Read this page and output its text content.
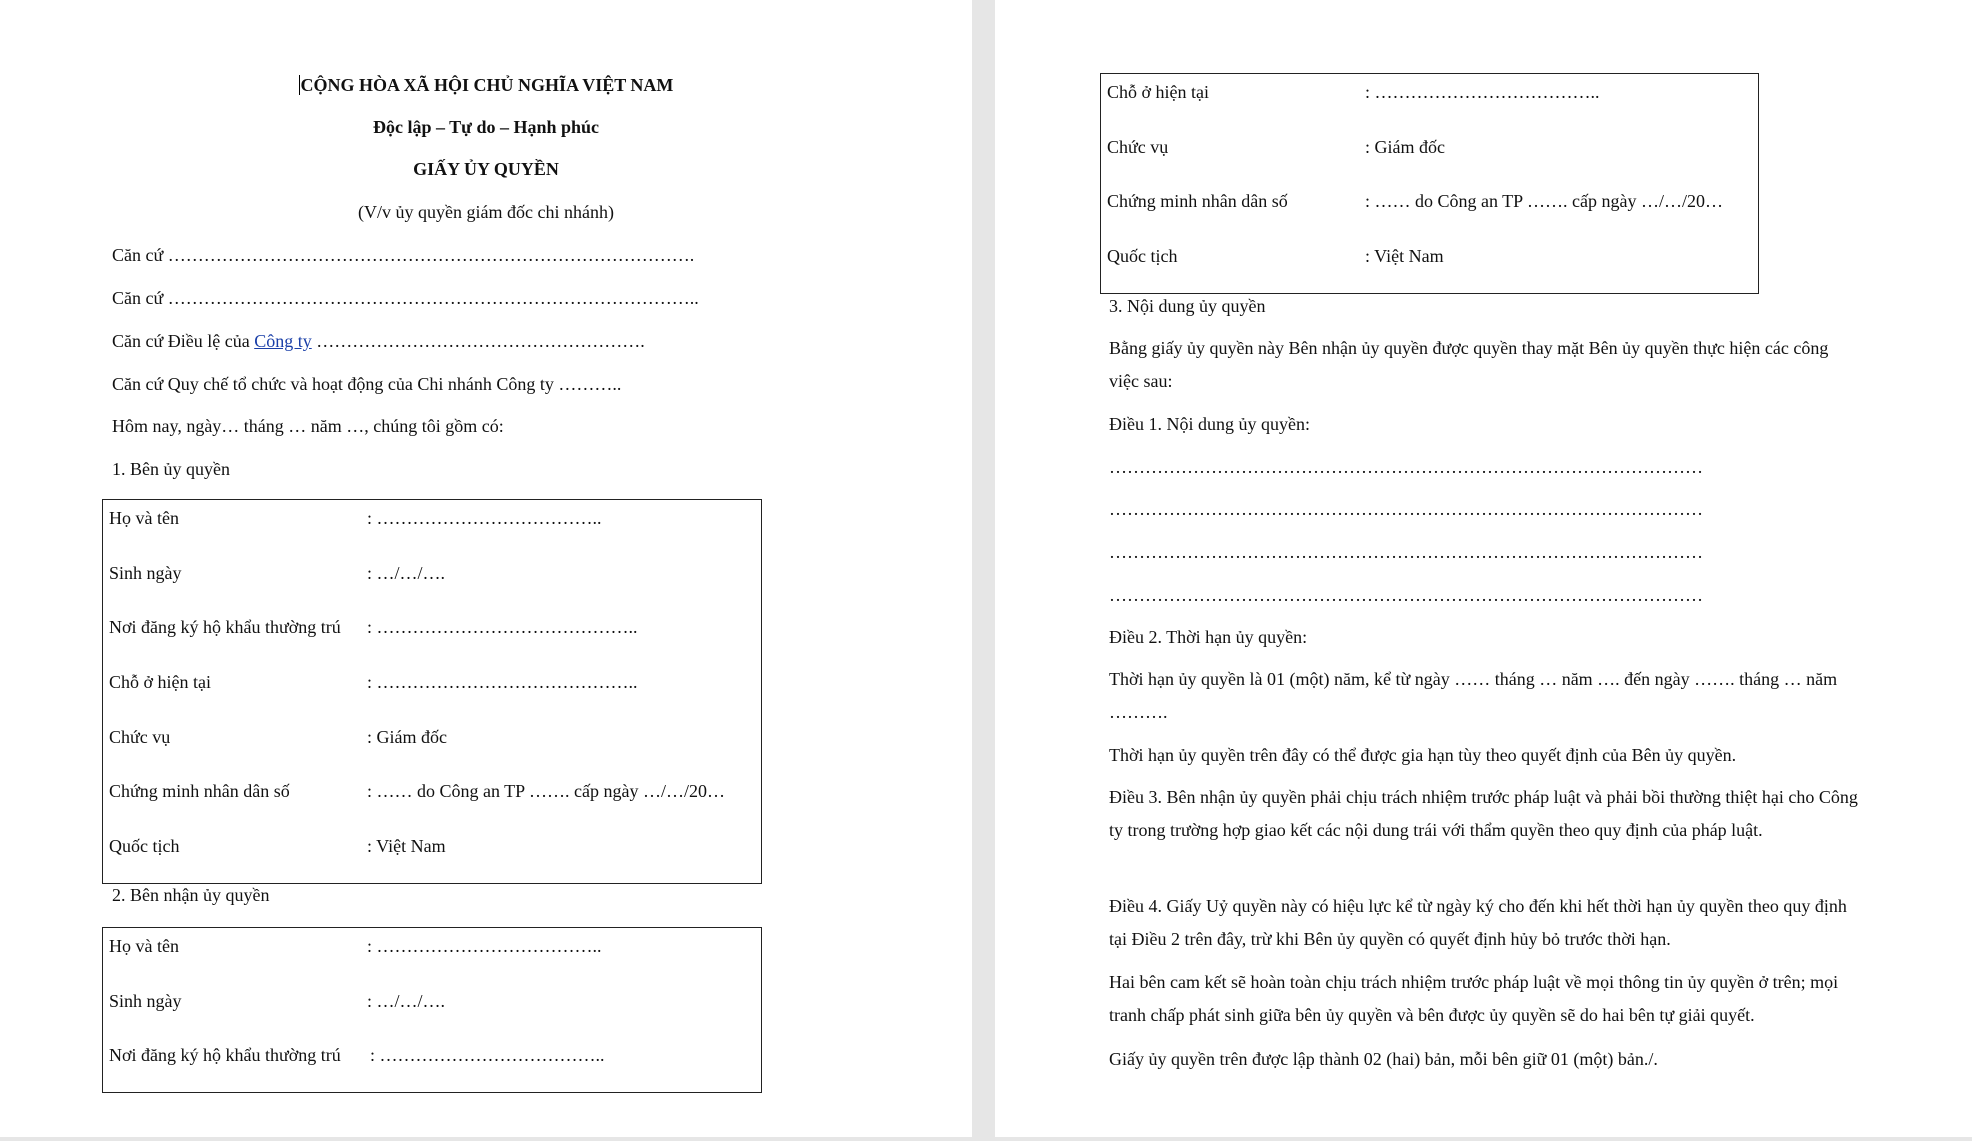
CỘNG HÒA XÃ HỘI CHỦ NGHĨA VIỆT NAM
Độc lập – Tự do – Hạnh phúc
GIẤY ỦY QUYỀN
(V/v ủy quyền giám đốc chi nhánh)
Căn cứ …………………………………………………………………………….
Căn cứ ……………………………………………………………………………..
Căn cứ Điều lệ của Công ty ……………………………………………….
Căn cứ Quy chế tổ chức và hoạt động của Chi nhánh Công ty ………..
Hôm nay, ngày… tháng … năm …, chúng tôi gồm có:
1. Bên ủy quyền
Họ và tên	: ………………………………..
Sinh ngày	: …/…/….
Nơi đăng ký hộ khẩu thường trú : ……………………………………..
Chỗ ở hiện tại	: ……………………………………..
Chức vụ	: Giám đốc
Chứng minh nhân dân số	: …… do Công an TP ……. cấp ngày …/…/20…
Quốc tịch	: Việt Nam
2. Bên nhận ủy quyền
Họ và tên	: ………………………………..
Sinh ngày	: …/…/….
Nơi đăng ký hộ khẩu thường trú : ………………………………..
Chỗ ở hiện tại	: ………………………………..
Chức vụ	: Giám đốc
Chứng minh nhân dân số	: …… do Công an TP ……. cấp ngày …/…/20…
Quốc tịch	: Việt Nam
3. Nội dung ủy quyền
Bằng giấy ủy quyền này Bên nhận ủy quyền được quyền thay mặt Bên ủy quyền thực hiện các công việc sau:
Điều 1. Nội dung ủy quyền:
………………………………………………………………………………………
………………………………………………………………………………………
………………………………………………………………………………………
………………………………………………………………………………………
Điều 2. Thời hạn ủy quyền:
Thời hạn ủy quyền là 01 (một) năm, kể từ ngày …… tháng … năm …. đến ngày ……. tháng … năm ……….
Thời hạn ủy quyền trên đây có thể được gia hạn tùy theo quyết định của Bên ủy quyền.
Điều 3. Bên nhận ủy quyền phải chịu trách nhiệm trước pháp luật và phải bồi thường thiệt hại cho Công ty trong trường hợp giao kết các nội dung trái với thẩm quyền theo quy định của pháp luật.
Điều 4. Giấy Uỷ quyền này có hiệu lực kể từ ngày ký cho đến khi hết thời hạn ủy quyền theo quy định tại Điều 2 trên đây, trừ khi Bên ủy quyền có quyết định hủy bỏ trước thời hạn.
Hai bên cam kết sẽ hoàn toàn chịu trách nhiệm trước pháp luật về mọi thông tin ủy quyền ở trên; mọi tranh chấp phát sinh giữa bên ủy quyền và bên được ủy quyền sẽ do hai bên tự giải quyết.
Giấy ủy quyền trên được lập thành 02 (hai) bản, mỗi bên giữ 01 (một) bản./.
